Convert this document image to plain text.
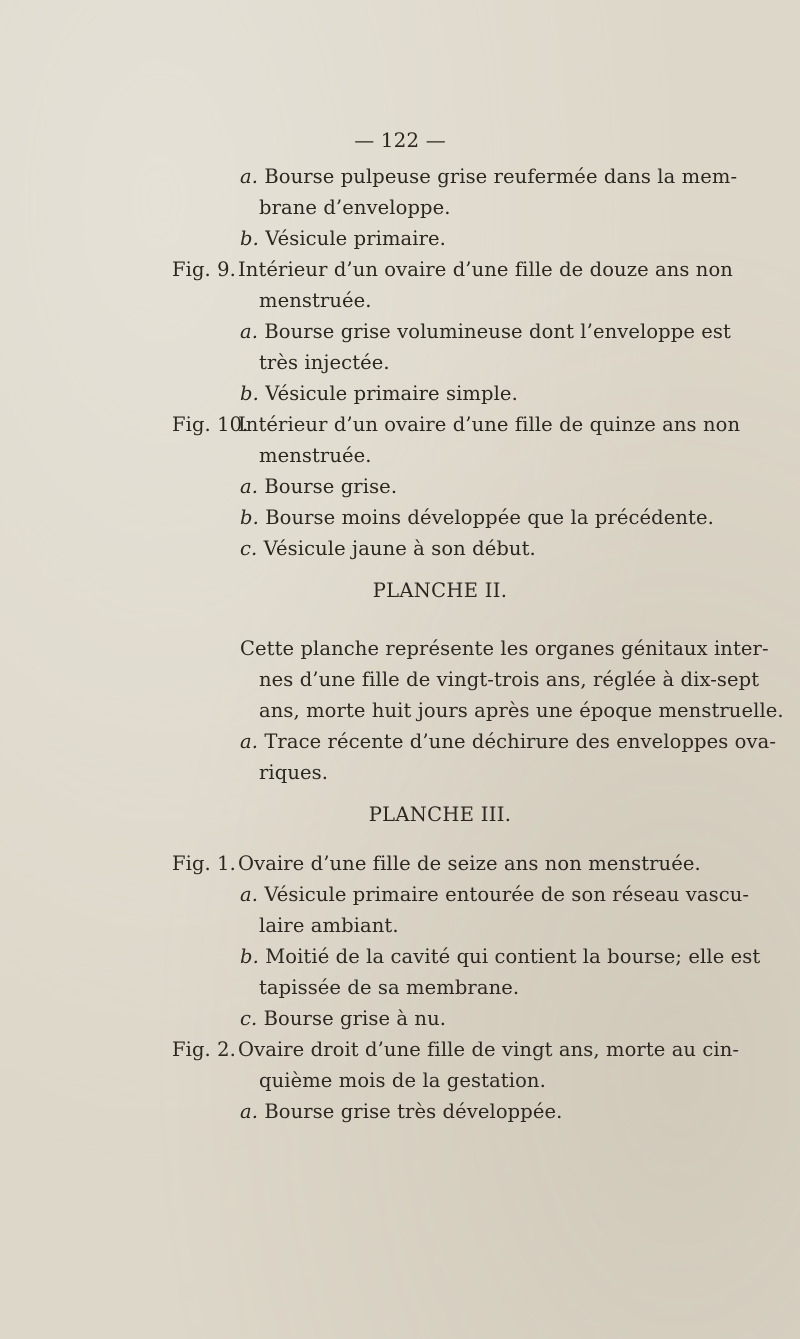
— 122 —
a. Bourse pulpeuse grise reufermée dans la mem-
brane d’enveloppe.
b. Vésicule primaire.
Fig. 9. Intérieur d’un ovaire d’une fille de douze ans non
menstruée.
a. Bourse grise volumineuse dont l’enveloppe est
très injectée.
b. Vésicule primaire simple.
Fig. 10.Intérieur d’un ovaire d’une fille de quinze ans non
menstruée.
a. Bourse grise.
b. Bourse moins développée que la précédente.
c. Vésicule jaune à son début.
PLANCHE II.
Cette planche représente les organes génitaux inter-
nes d’une fille de vingt-trois ans, réglée à dix-sept
ans, morte huit jours après une époque menstruelle.
a. Trace récente d’une déchirure des enveloppes ova-
riques.
PLANCHE III.
Fig. 1. Ovaire d’une fille de seize ans non menstruée.
a. Vésicule primaire entourée de son réseau vascu-
laire ambiant.
b. Moitié de la cavité qui contient la bourse; elle est
tapissée de sa membrane.
c. Bourse grise à nu.
Fig. 2. Ovaire droit d’une fille de vingt ans, morte au cin-
quième mois de la gestation.
a. Bourse grise très développée.
